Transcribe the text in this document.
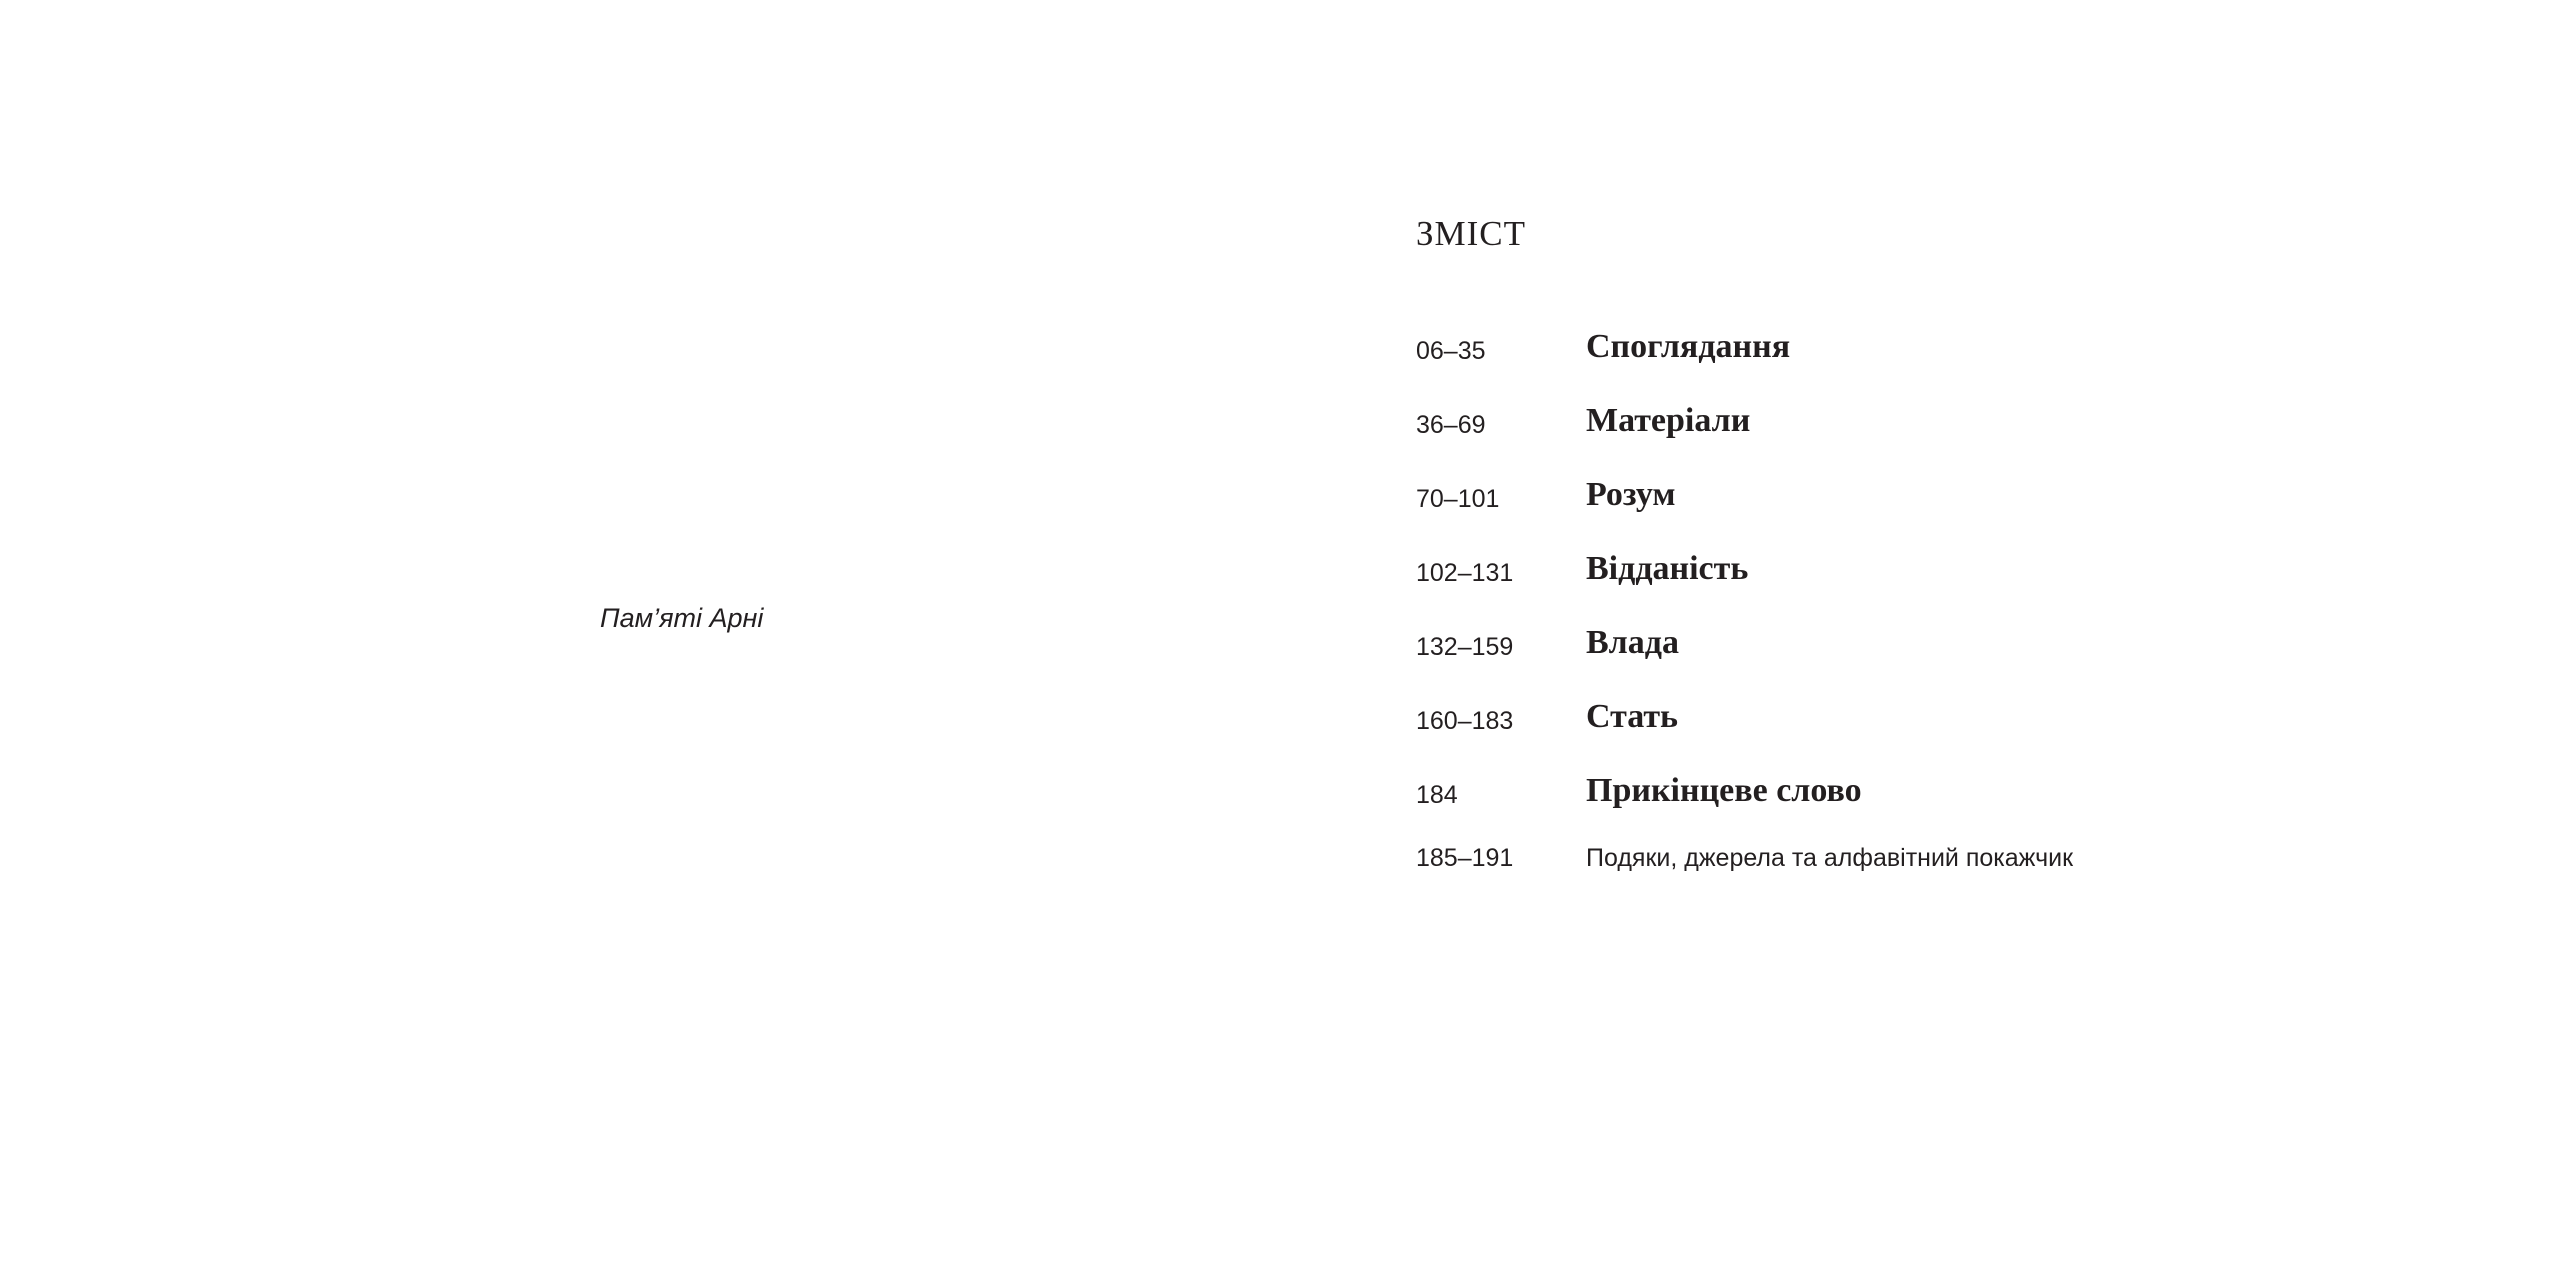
Пам’яті Арні
ЗМІСТ
06–35	Споглядання
36–69	Матеріали
70–101	Розум
102–131 Відданість
132–159 Влада
160–183 Стать
184	Прикінцеве слово
185–191	Подяки, джерела та алфавітний покажчик
